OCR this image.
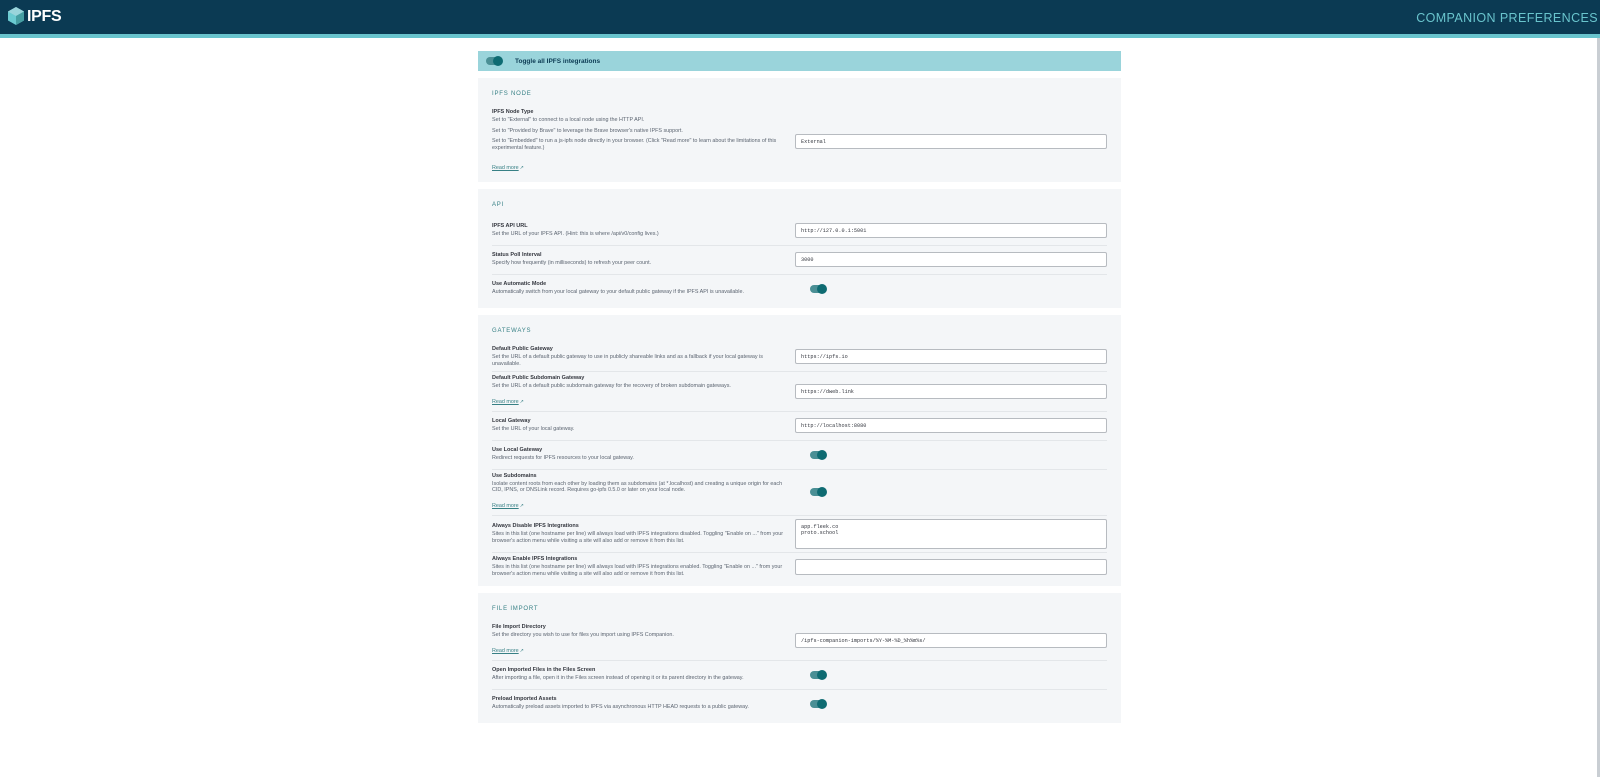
IPFS	COMPANION PREFERENCES
Toggle all IPFS integrations
IPFS NODE
IPFS Node Type

Set to "External" to connect to a local node using the HTTP API.

Set to "Provided by Brave" to leverage the Brave browser's native IPFS support.

Set to "Embedded" to run a js-ipfs node directly in your browser. (Click "Read more" to learn about the limitations of this experimental feature.)

Read more↗
External
API
IPFS API URL
Set the URL of your IPFS API. (Hint: this is where /api/v0/config lives.)
http://127.0.0.1:5001
Status Poll Interval
Specify how frequently (in milliseconds) to refresh your peer count.
3000
Use Automatic Mode
Automatically switch from your local gateway to your default public gateway if the IPFS API is unavailable.
GATEWAYS
Default Public Gateway
Set the URL of a default public gateway to use in publicly shareable links and as a fallback if your local gateway is unavailable.
https://ipfs.io
Default Public Subdomain Gateway
Set the URL of a default public subdomain gateway for the recovery of broken subdomain gateways.
Read more↗
https://dweb.link
Local Gateway
Set the URL of your local gateway.
http://localhost:8080
Use Local Gateway
Redirect requests for IPFS resources to your local gateway.
Use Subdomains
Isolate content roots from each other by loading them as subdomains (at *.localhost) and creating a unique origin for each CID, IPNS, or DNSLink record. Requires go-ipfs 0.5.0 or later on your local node.
Read more↗
Always Disable IPFS Integrations
Sites in this list (one hostname per line) will always load with IPFS integrations disabled. Toggling "Enable on ..." from your browser's action menu while visiting a site will also add or remove it from this list.
app.fleek.co
proto.school
Always Enable IPFS Integrations
Sites in this list (one hostname per line) will always load with IPFS integrations enabled. Toggling "Enable on ..." from your browser's action menu while visiting a site will also add or remove it from this list.
FILE IMPORT
File Import Directory
Set the directory you wish to use for files you import using IPFS Companion.
Read more↗
/ipfs-companion-imports/%Y-%M-%D_%h%m%s/
Open Imported Files in the Files Screen
After importing a file, open it in the Files screen instead of opening it or its parent directory in the gateway.
Preload Imported Assets
Automatically preload assets imported to IPFS via asynchronous HTTP HEAD requests to a public gateway.
